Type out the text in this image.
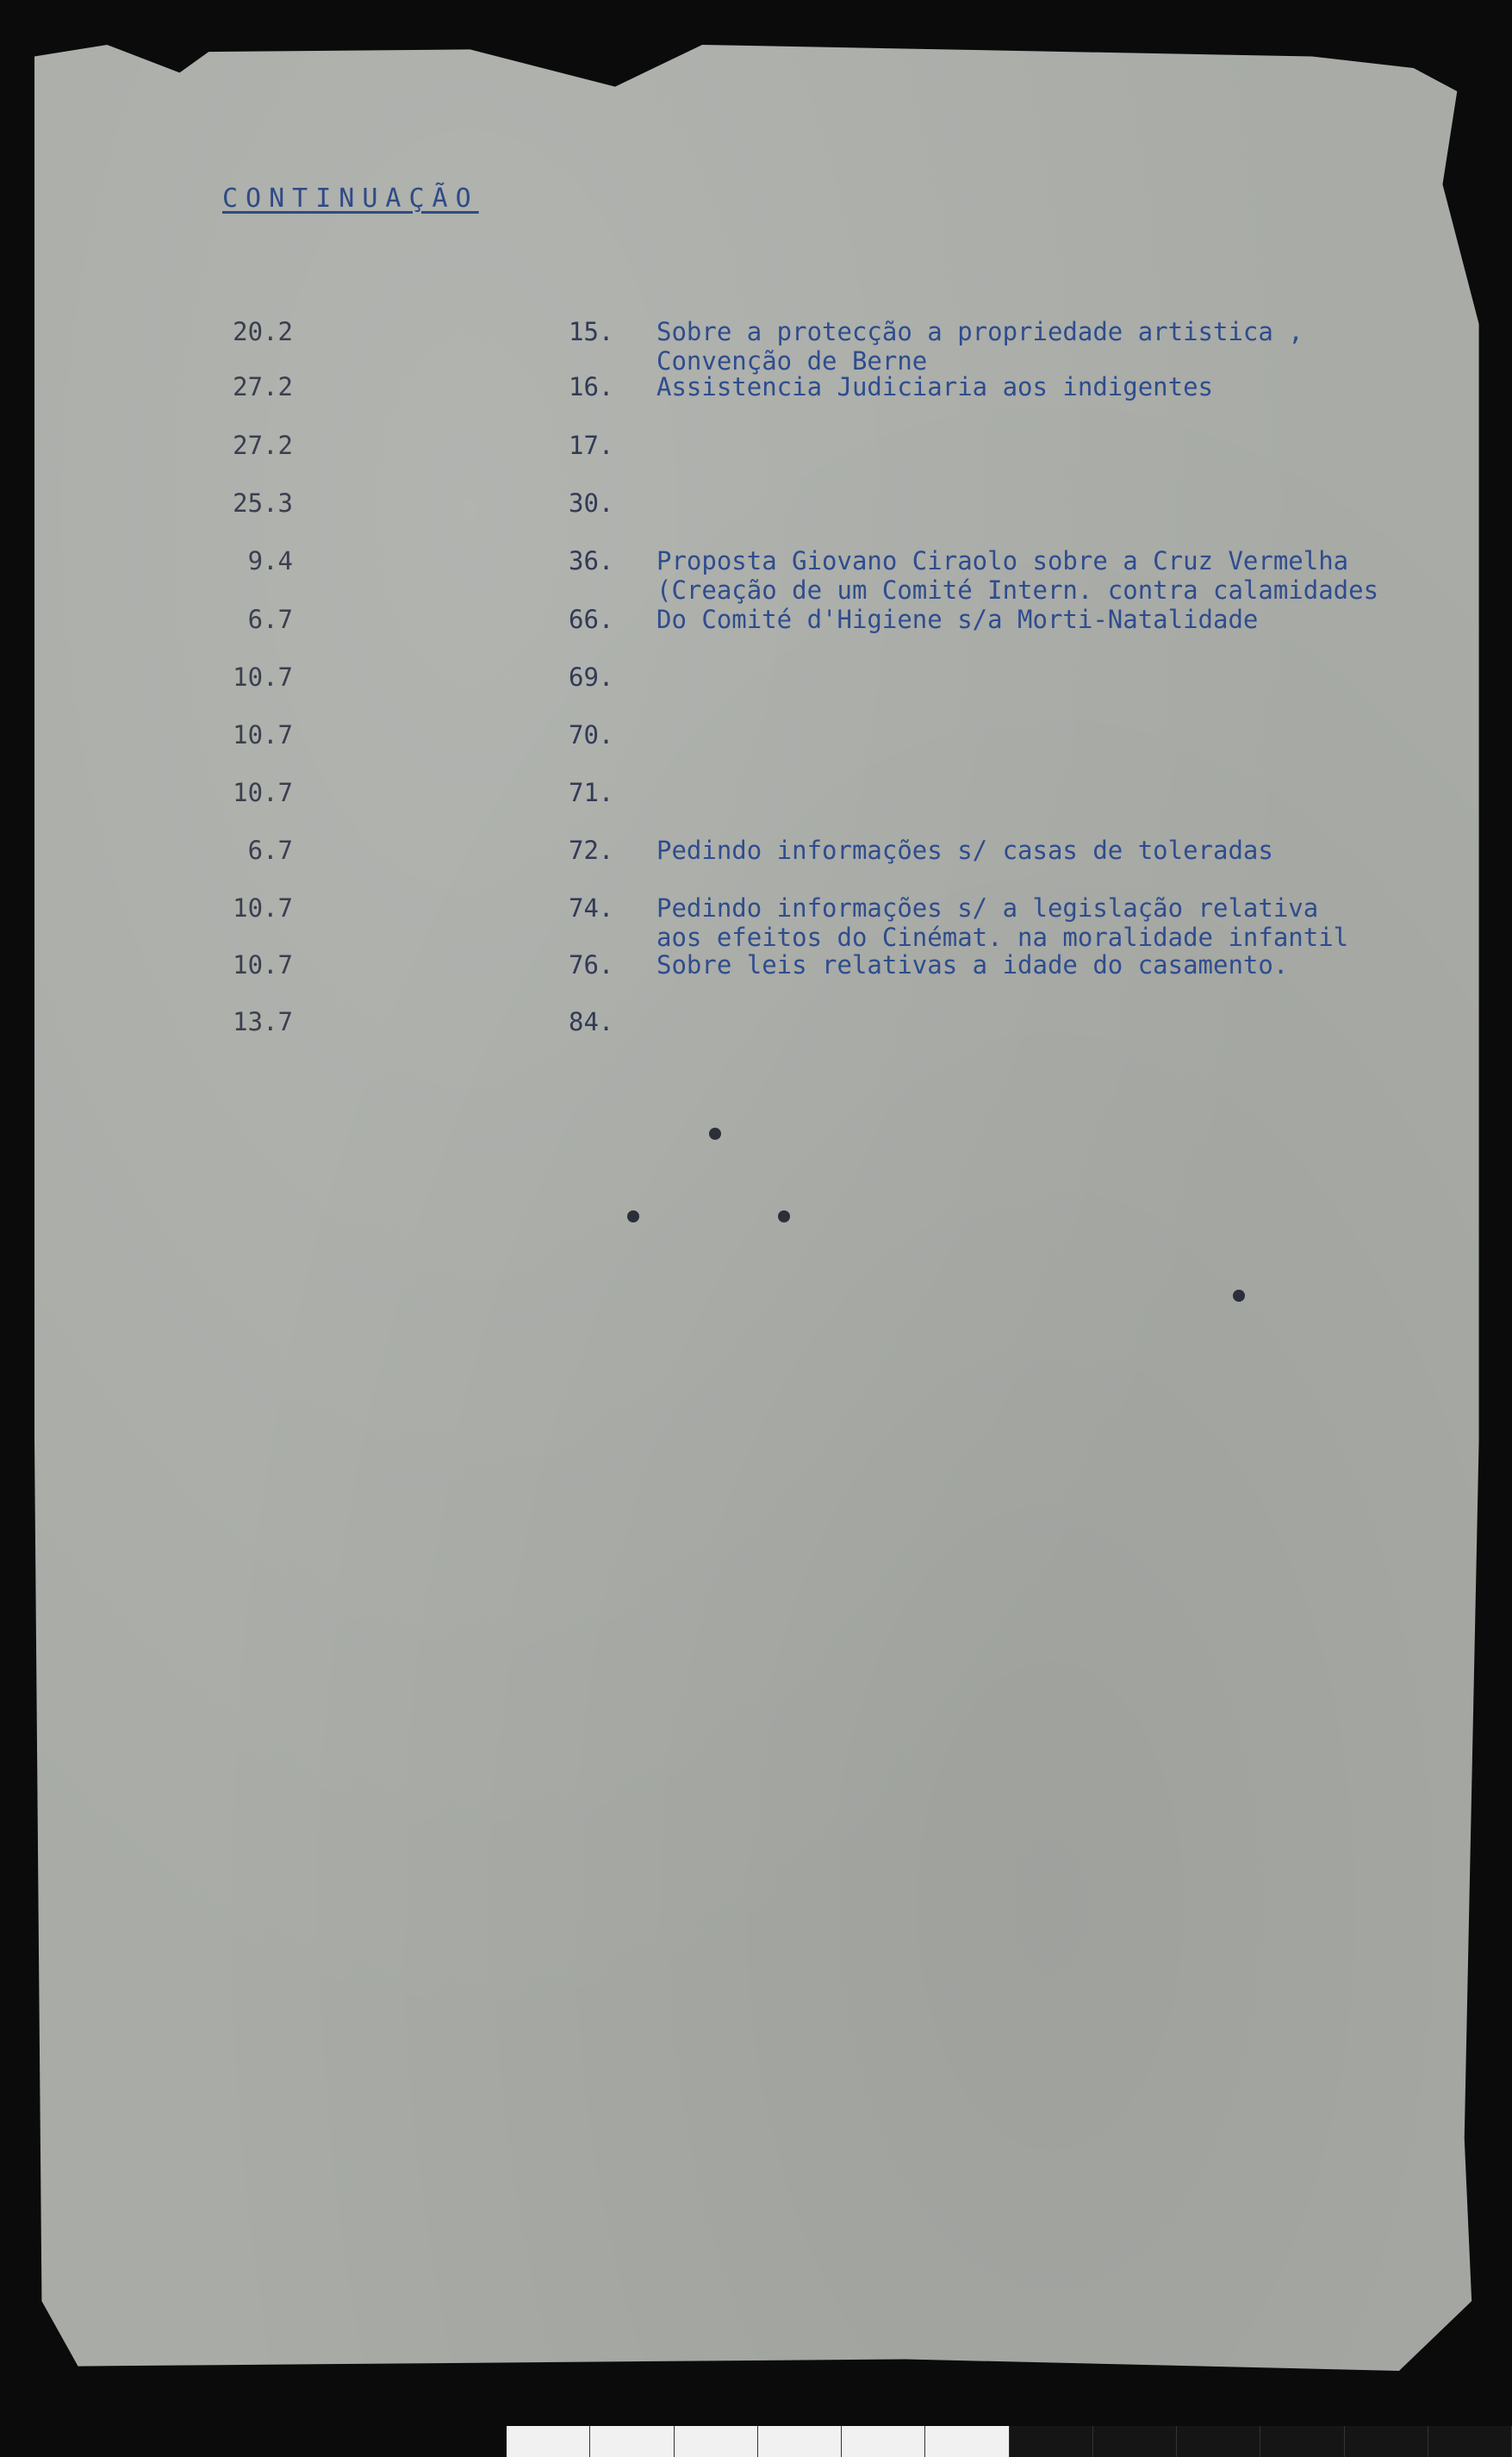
CONTINUAÇÃO
20.2	15. Sobre a protecção a propriedade artistica ,
Convenção de Berne
27.2	16. Assistencia Judiciaria aos indigentes
27.2	17.
25.3	30.
9.4	36. Proposta Giovano Ciraolo sobre a Cruz Vermelha
(Creação de um Comité Intern. contra calamidades
6.7	66. Do Comité d'Higiene s/a Morti-Natalidade
10.7	69.
10.7	70.
10.7	71.
6.7	72. Pedindo informações s/ casas de toleradas
10.7	74. Pedindo informações s/ a legislação relativa
aos efeitos do Cinémat. na moralidade infantil
10.7	76. Sobre leis relativas a idade do casamento.
13.7	84.
